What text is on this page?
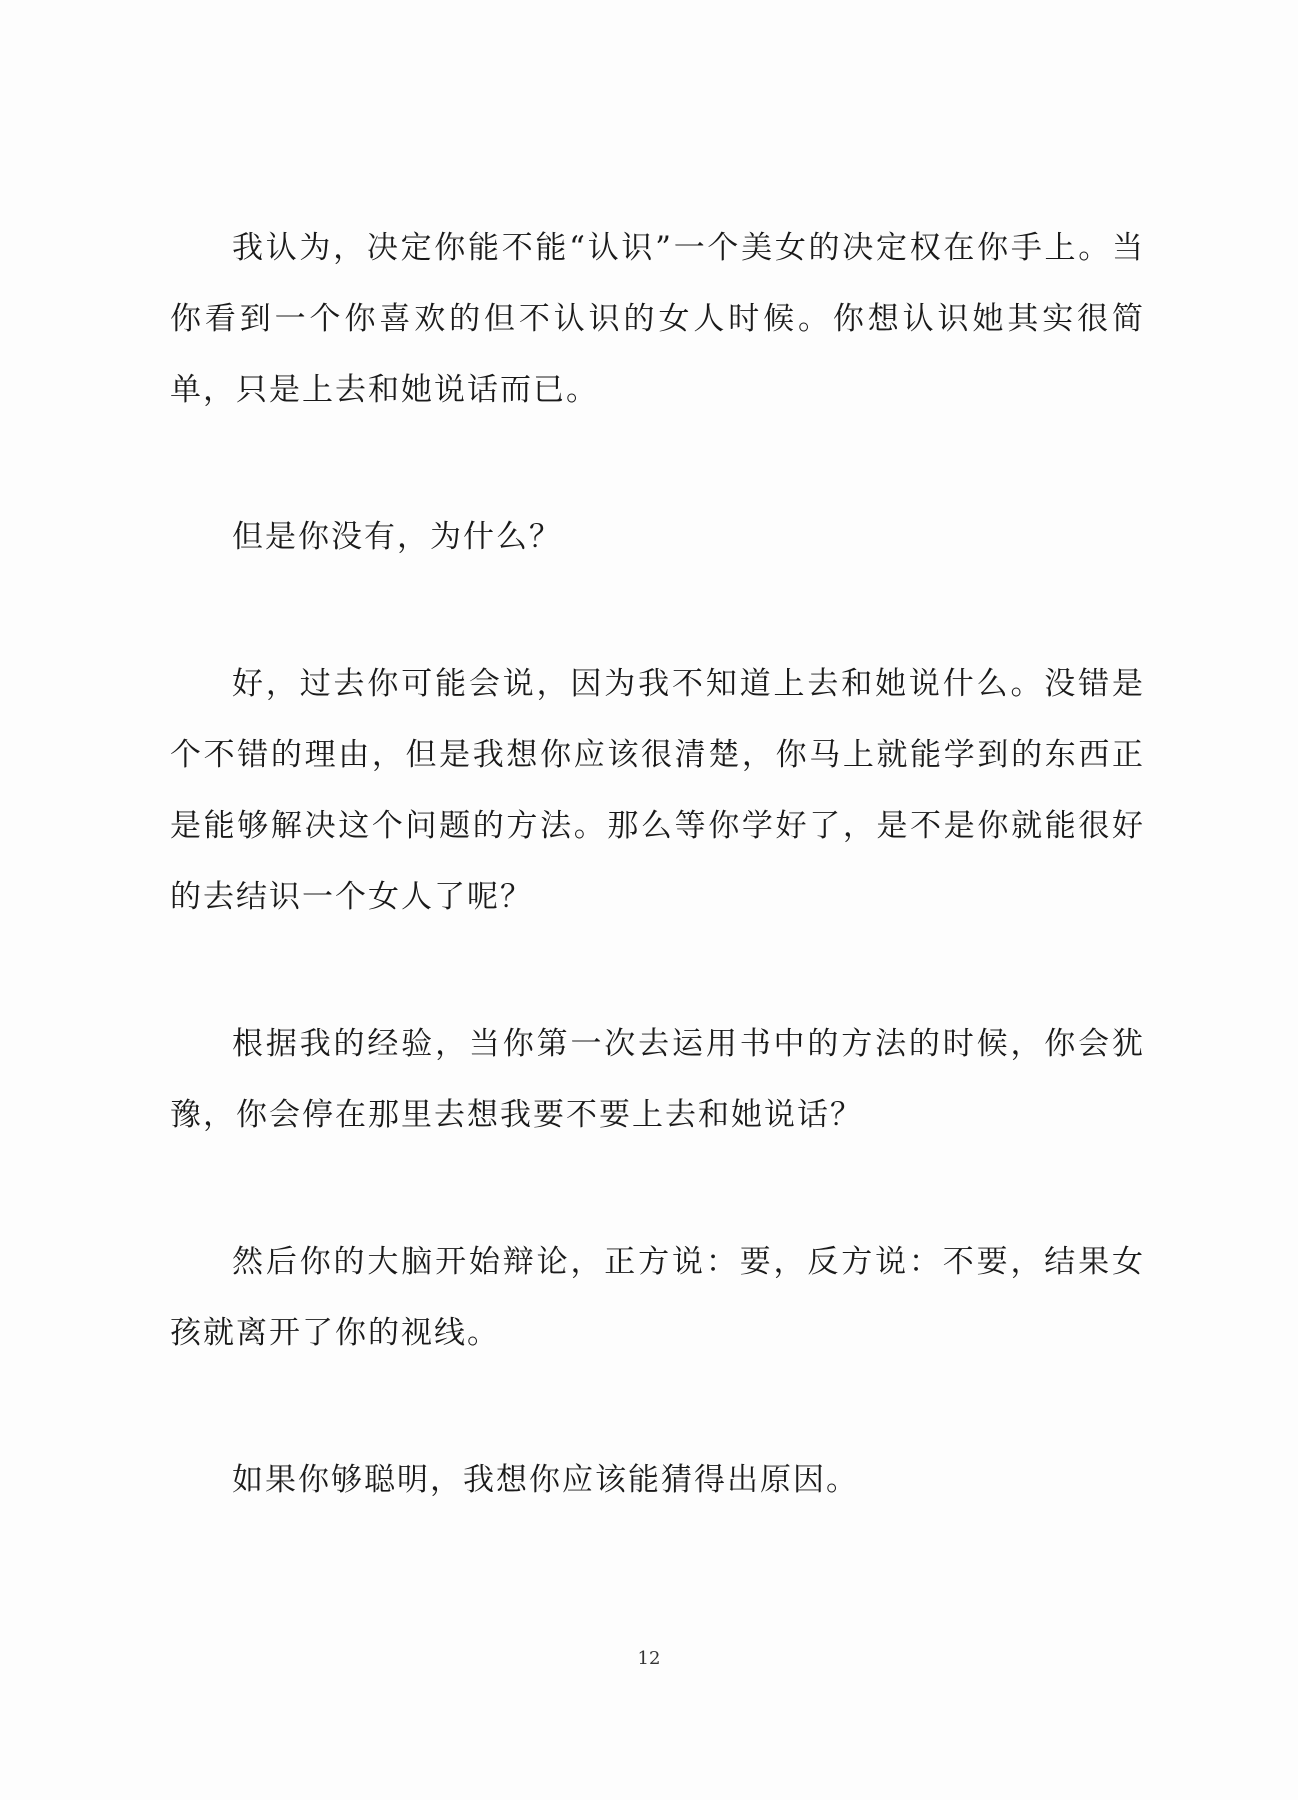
我认为，决定你能不能“认识”一个美女的决定权在你手上。当你看到一个你喜欢的但不认识的女人时候。你想认识她其实很简单，只是上去和她说话而已。

但是你没有，为什么？

好，过去你可能会说，因为我不知道上去和她说什么。没错是个不错的理由，但是我想你应该很清楚，你马上就能学到的东西正是能够解决这个问题的方法。那么等你学好了，是不是你就能很好的去结识一个女人了呢？

根据我的经验，当你第一次去运用书中的方法的时候，你会犹豫，你会停在那里去想我要不要上去和她说话？

然后你的大脑开始辩论，正方说：要，反方说：不要，结果女孩就离开了你的视线。

如果你够聪明，我想你应该能猜得出原因。

12
